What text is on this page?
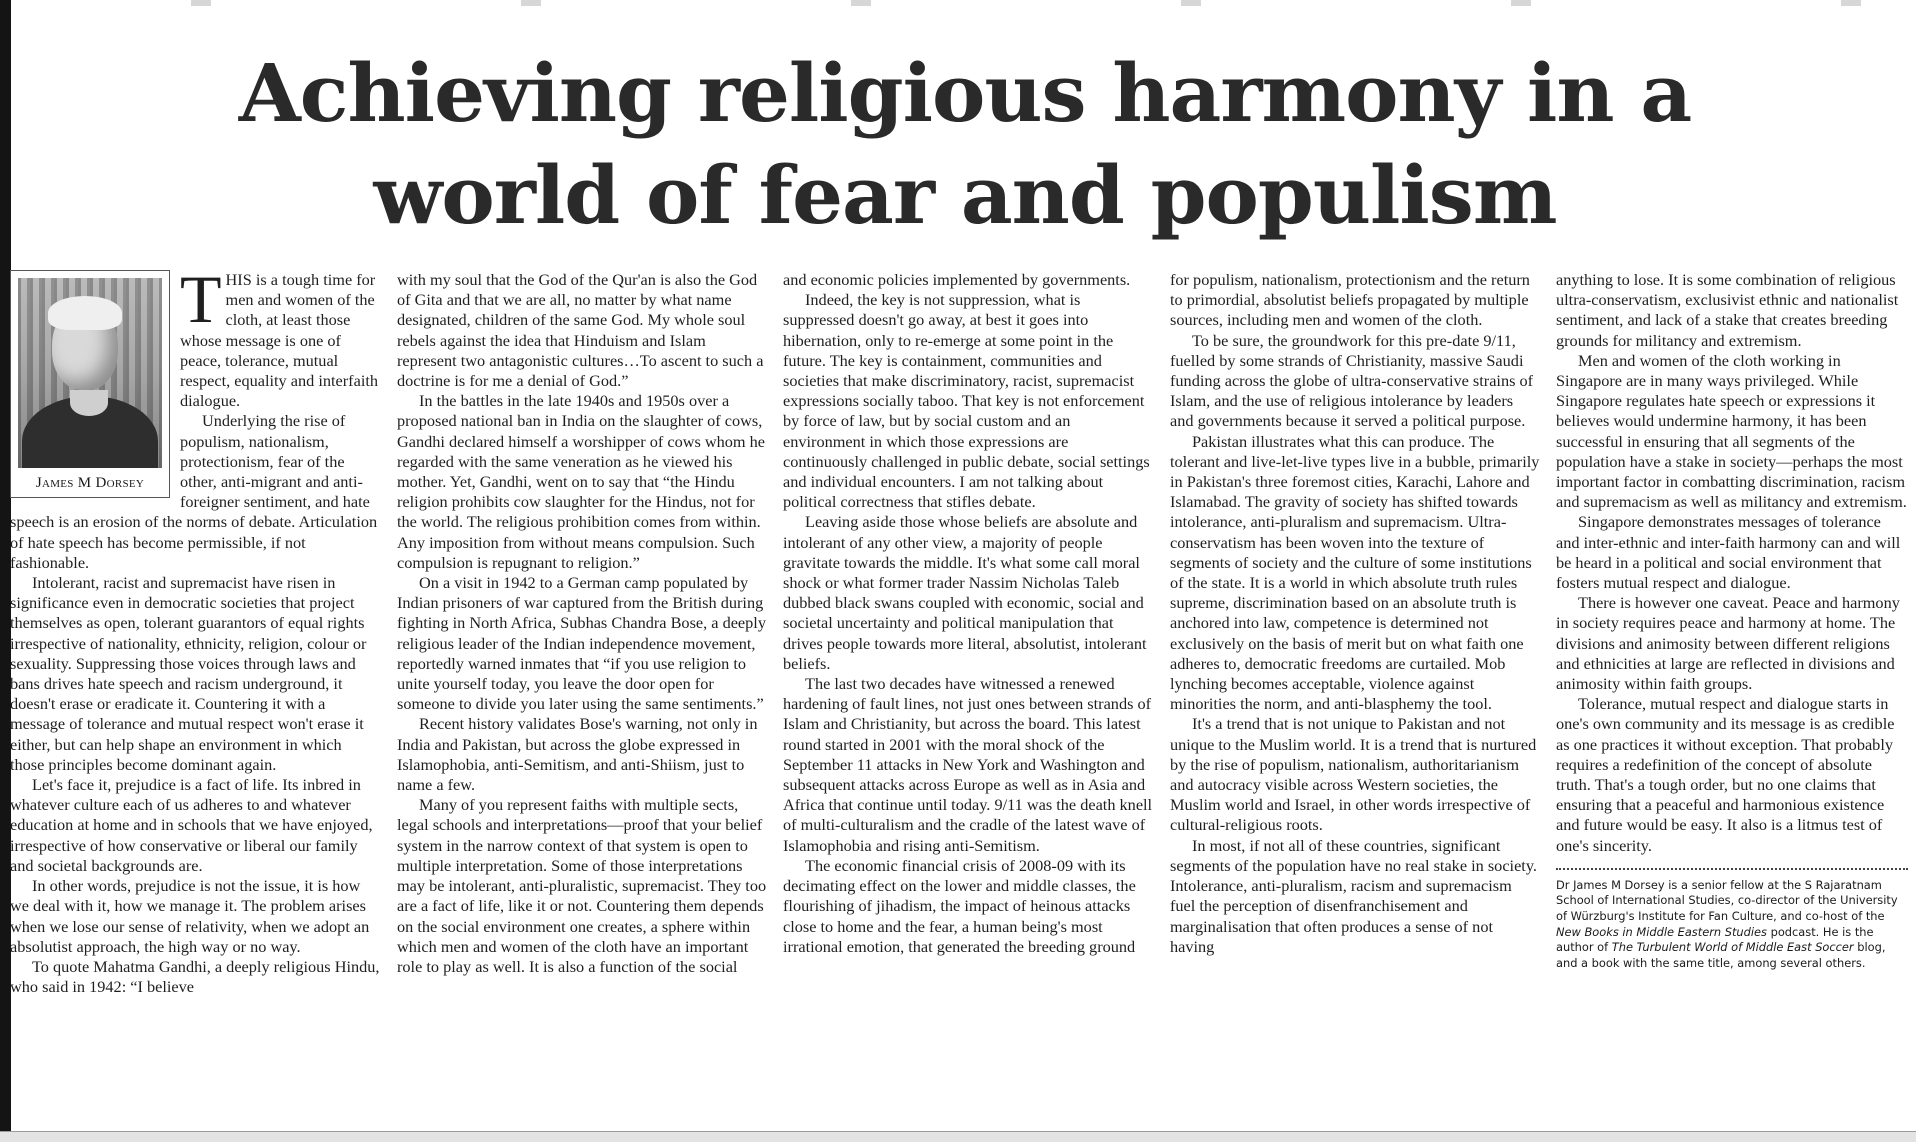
Achieving religious harmony in a
world of fear and populism
James M Dorsey

THIS is a tough time for men and women of the cloth, at least those whose message is one of peace, tolerance, mutual respect, equality and interfaith dialogue.

Underlying the rise of populism, nationalism, protectionism, fear of the other, anti-migrant and anti-foreigner sentiment, and hate speech is an erosion of the norms of debate. Articulation of hate speech has become permissible, if not fashionable.

Intolerant, racist and supremacist have risen in significance even in democratic societies that project themselves as open, tolerant guarantors of equal rights irrespective of nationality, ethnicity, religion, colour or sexuality. Suppressing those voices through laws and bans drives hate speech and racism underground, it doesn't erase or eradicate it. Countering it with a message of tolerance and mutual respect won't erase it either, but can help shape an environment in which those principles become dominant again.

Let's face it, prejudice is a fact of life. Its inbred in whatever culture each of us adheres to and whatever education at home and in schools that we have enjoyed, irrespective of how conservative or liberal our family and societal backgrounds are.

In other words, prejudice is not the issue, it is how we deal with it, how we manage it. The problem arises when we lose our sense of relativity, when we adopt an absolutist approach, the high way or no way.

To quote Mahatma Gandhi, a deeply religious Hindu, who said in 1942: “I believe

with my soul that the God of the Qur'an is also the God of Gita and that we are all, no matter by what name designated, children of the same God. My whole soul rebels against the idea that Hinduism and Islam represent two antagonistic cultures…To ascent to such a doctrine is for me a denial of God.”

In the battles in the late 1940s and 1950s over a proposed national ban in India on the slaughter of cows, Gandhi declared himself a worshipper of cows whom he regarded with the same veneration as he viewed his mother. Yet, Gandhi, went on to say that “the Hindu religion prohibits cow slaughter for the Hindus, not for the world. The religious prohibition comes from within. Any imposition from without means compulsion. Such compulsion is repugnant to religion.”

On a visit in 1942 to a German camp populated by Indian prisoners of war captured from the British during fighting in North Africa, Subhas Chandra Bose, a deeply religious leader of the Indian independence movement, reportedly warned inmates that “if you use religion to unite yourself today, you leave the door open for someone to divide you later using the same sentiments.”

Recent history validates Bose's warning, not only in India and Pakistan, but across the globe expressed in Islamophobia, anti-Semitism, and anti-Shiism, just to name a few.

Many of you represent faiths with multiple sects, legal schools and interpretations—proof that your belief system in the narrow context of that system is open to multiple interpretation. Some of those interpretations may be intolerant, anti-pluralistic, supremacist. They too are a fact of life, like it or not. Countering them depends on the social environment one creates, a sphere within which men and women of the cloth have an important role to play as well. It is also a function of the social

and economic policies implemented by governments.

Indeed, the key is not suppression, what is suppressed doesn't go away, at best it goes into hibernation, only to re-emerge at some point in the future. The key is containment, communities and societies that make discriminatory, racist, supremacist expressions socially taboo. That key is not enforcement by force of law, but by social custom and an environment in which those expressions are continuously challenged in public debate, social settings and individual encounters. I am not talking about political correctness that stifles debate.

Leaving aside those whose beliefs are absolute and intolerant of any other view, a majority of people gravitate towards the middle. It's what some call moral shock or what former trader Nassim Nicholas Taleb dubbed black swans coupled with economic, social and societal uncertainty and political manipulation that drives people towards more literal, absolutist, intolerant beliefs.

The last two decades have witnessed a renewed hardening of fault lines, not just ones between strands of Islam and Christianity, but across the board. This latest round started in 2001 with the moral shock of the September 11 attacks in New York and Washington and subsequent attacks across Europe as well as in Asia and Africa that continue until today. 9/11 was the death knell of multi-culturalism and the cradle of the latest wave of Islamophobia and rising anti-Semitism.

The economic financial crisis of 2008-09 with its decimating effect on the lower and middle classes, the flourishing of jihadism, the impact of heinous attacks close to home and the fear, a human being's most irrational emotion, that generated the breeding ground

for populism, nationalism, protectionism and the return to primordial, absolutist beliefs propagated by multiple sources, including men and women of the cloth.

To be sure, the groundwork for this pre-date 9/11, fuelled by some strands of Christianity, massive Saudi funding across the globe of ultra-conservative strains of Islam, and the use of religious intolerance by leaders and governments because it served a political purpose.

Pakistan illustrates what this can produce. The tolerant and live-let-live types live in a bubble, primarily in Pakistan's three foremost cities, Karachi, Lahore and Islamabad. The gravity of society has shifted towards intolerance, anti-pluralism and supremacism. Ultra-conservatism has been woven into the texture of segments of society and the culture of some institutions of the state. It is a world in which absolute truth rules supreme, discrimination based on an absolute truth is anchored into law, competence is determined not exclusively on the basis of merit but on what faith one adheres to, democratic freedoms are curtailed. Mob lynching becomes acceptable, violence against minorities the norm, and anti-blasphemy the tool.

It's a trend that is not unique to Pakistan and not unique to the Muslim world. It is a trend that is nurtured by the rise of populism, nationalism, authoritarianism and autocracy visible across Western societies, the Muslim world and Israel, in other words irrespective of cultural-religious roots.

In most, if not all of these countries, significant segments of the population have no real stake in society. Intolerance, anti-pluralism, racism and supremacism fuel the perception of disenfranchisement and marginalisation that often produces a sense of not having

anything to lose. It is some combination of religious ultra-conservatism, exclusivist ethnic and nationalist sentiment, and lack of a stake that creates breeding grounds for militancy and extremism.

Men and women of the cloth working in Singapore are in many ways privileged. While Singapore regulates hate speech or expressions it believes would undermine harmony, it has been successful in ensuring that all segments of the population have a stake in society—perhaps the most important factor in combatting discrimination, racism and supremacism as well as militancy and extremism.

Singapore demonstrates messages of tolerance and inter-ethnic and inter-faith harmony can and will be heard in a political and social environment that fosters mutual respect and dialogue.

There is however one caveat. Peace and harmony in society requires peace and harmony at home. The divisions and animosity between different religions and ethnicities at large are reflected in divisions and animosity within faith groups.

Tolerance, mutual respect and dialogue starts in one's own community and its message is as credible as one practices it without exception. That probably requires a redefinition of the concept of absolute truth. That's a tough order, but no one claims that ensuring that a peaceful and harmonious existence and future would be easy. It also is a litmus test of one's sincerity.

Dr James M Dorsey is a senior fellow at the S Rajaratnam School of International Studies, co-director of the University of Würzburg's Institute for Fan Culture, and co-host of the New Books in Middle Eastern Studies podcast. He is the author of The Turbulent World of Middle East Soccer blog, and a book with the same title, among several others.
